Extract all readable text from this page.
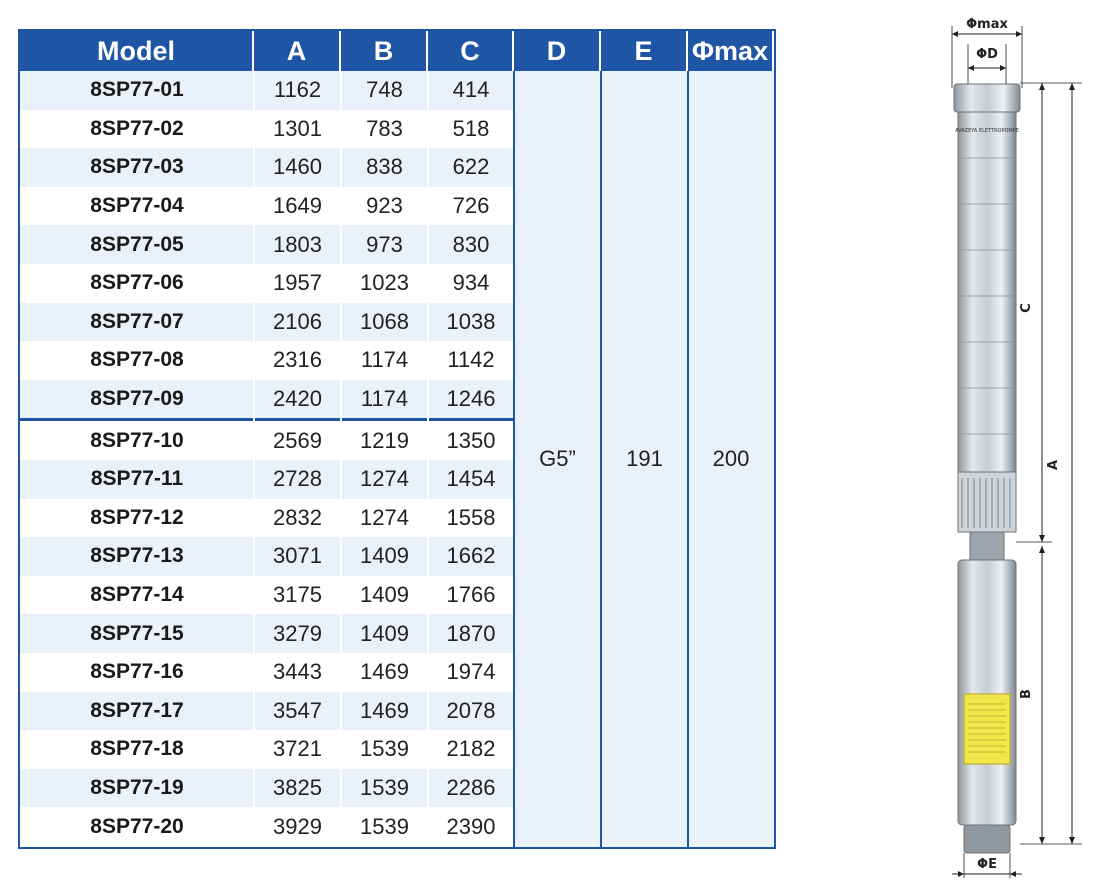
Model	A	B	C	D	E	Φmax
8SP77-01	1162	748	414
8SP77-02	1301	783	518
8SP77-03	1460	838	622
8SP77-04	1649	923	726
8SP77-05	1803	973	830
8SP77-06	1957	1023	934
8SP77-07	2106	1068	1038
8SP77-08	2316	1174	1142
8SP77-09	2420	1174	1246
8SP77-10	2569	1219	1350
8SP77-11	2728	1274	1454
8SP77-12	2832	1274	1558
8SP77-13	3071	1409	1662
8SP77-14	3175	1409	1766
8SP77-15	3279	1409	1870
8SP77-16	3443	1469	1974
8SP77-17	3547	1469	2078
8SP77-18	3721	1539	2182
8SP77-19	3825	1539	2286
8SP77-20	3929	1539	2390
G5”	191	200
Φmax
ΦD
AVAZEYA ELETTROPOMPE
A
C
B
ΦE
